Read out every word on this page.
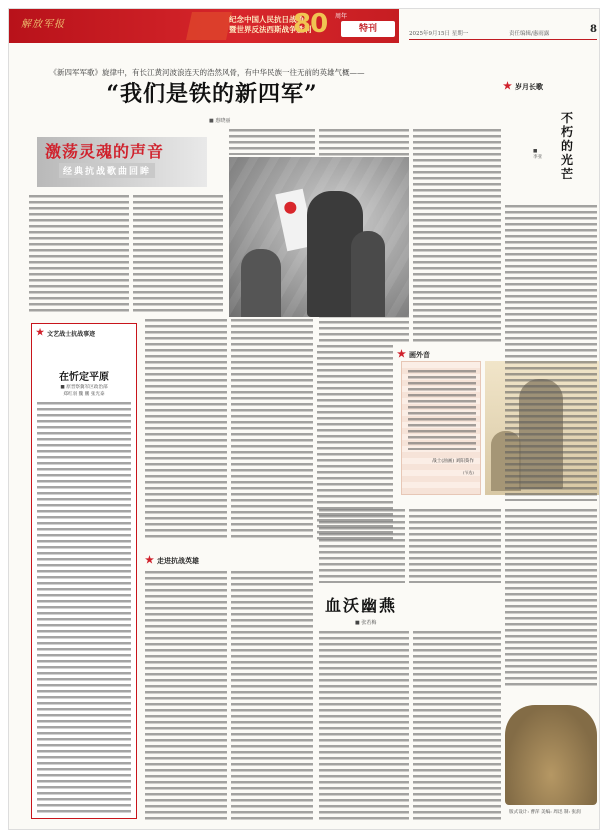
解放军报	纪念中国人民抗日战争
暨世界反法西斯战争胜利
80 周年
特刊	2025年9月15日 星期一	责任编辑/惠雨露	8
《新四军军歌》旋律中，有长江黄河波浪连天的浩然风骨，有中华民族一往无前的英雄气概——
“我们是铁的新四军”
■ 惠晓丽
激荡灵魂的声音
经典抗战歌曲回眸
★ 文艺战士抗战事迹
在忻定平原
■ 原晋察冀军区政治部
郑红羽 魏 鹏 张光泰
★ 走进抗战英雄
★ 画外音
战士(油画) 刘阳葵作
(节选)
血沃幽燕
■ 张若梅
★ 岁月长歌
不朽的光芒
■ 李亚
版式设计: 曹萍 美编: 周迅 制: 张润
